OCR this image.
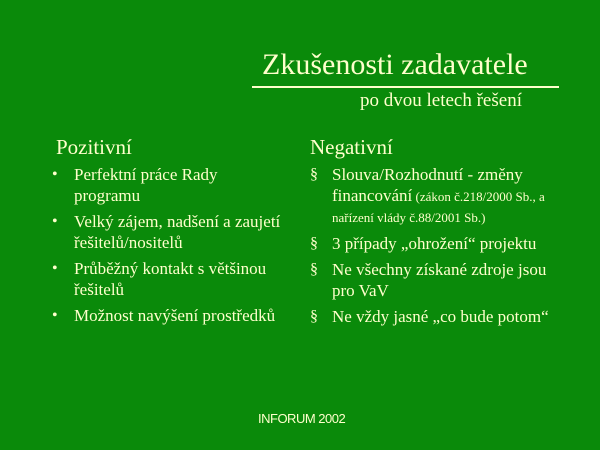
Zkušenosti zadavatele
po dvou letech řešení
Pozitivní	Negativní
• Perfektní práce Rady programu
• Velký zájem, nadšení a zaujetí řešitelů/nositelů
• Průběžný kontakt s většinou řešitelů
• Možnost navýšení prostředků
§ Slouva/Rozhodnutí - změny financování (zákon č.218/2000 Sb., a nařízení vlády č.88/2001 Sb.)
§ 3 případy „ohrožení“ projektu
§ Ne všechny získané zdroje jsou pro VaV
§ Ne vždy jasné „co bude potom“
INFORUM 2002
